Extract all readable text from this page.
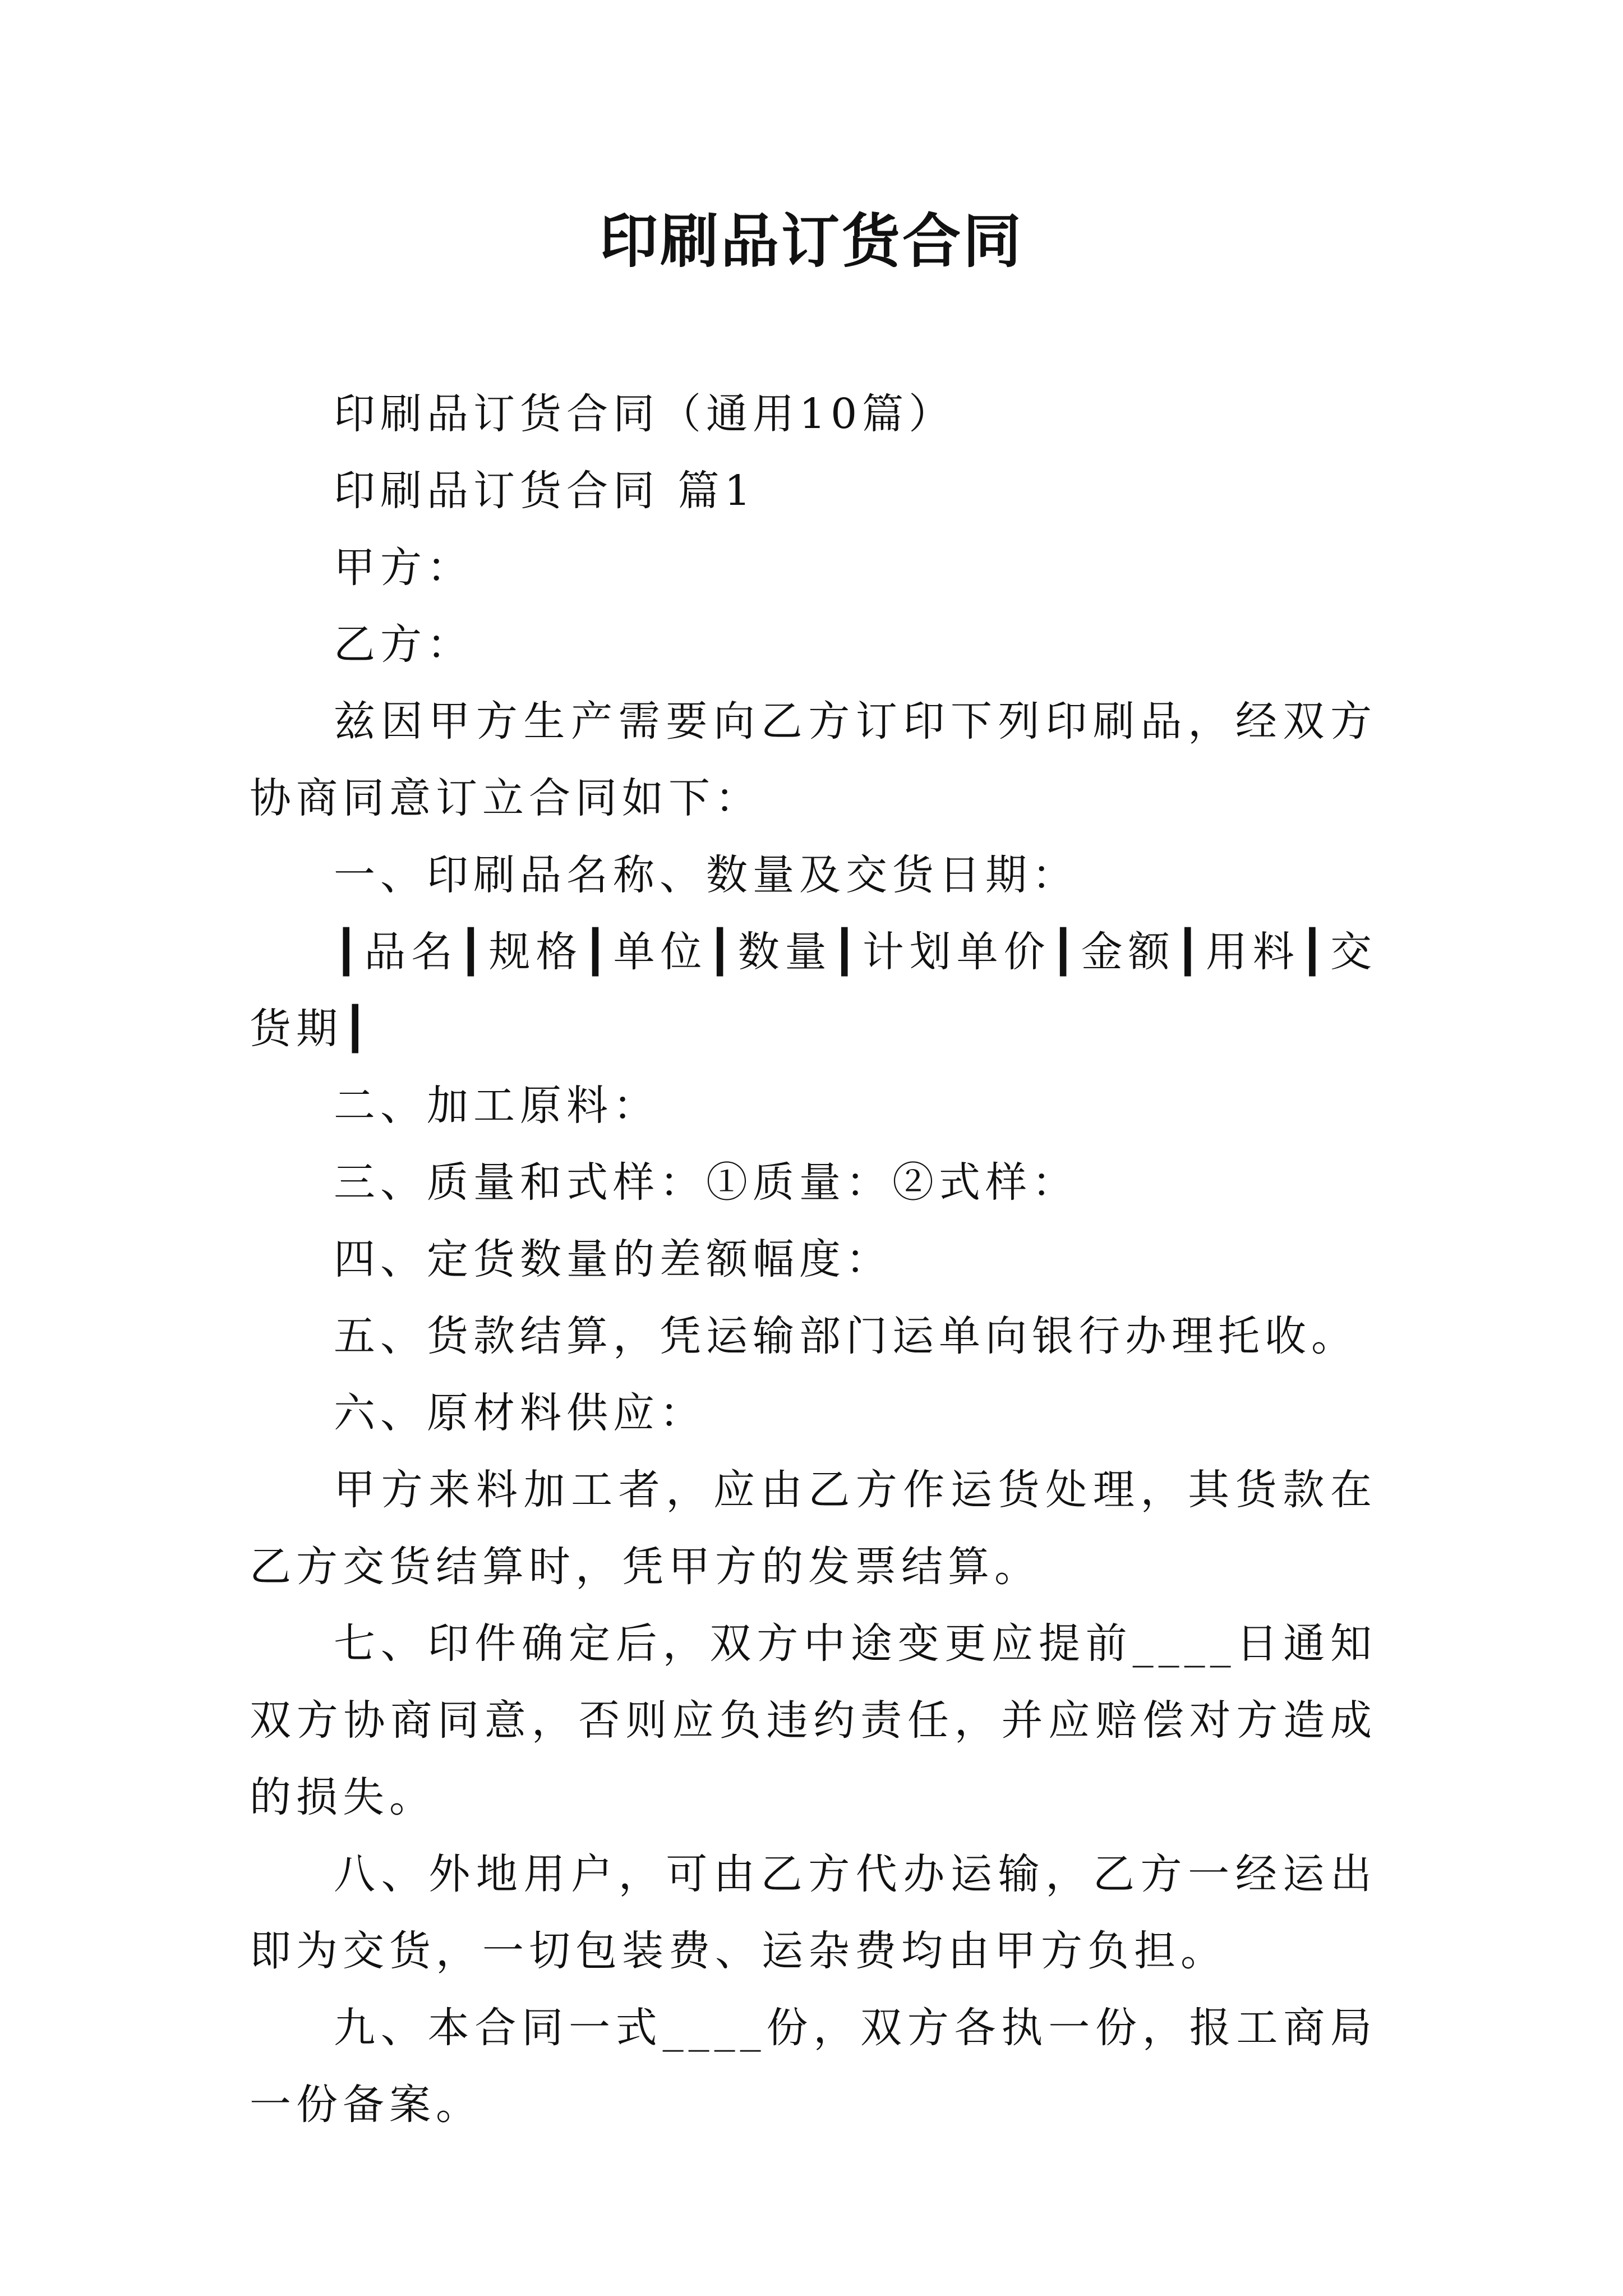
印刷品订货合同

印刷品订货合同（通用10篇）

印刷品订货合同 篇1

甲方：

乙方：

兹因甲方生产需要向乙方订印下列印刷品，经双方协商同意订立合同如下：

一、印刷品名称、数量及交货日期：

┃品名┃规格┃单位┃数量┃计划单价┃金额┃用料┃交货期┃

二、加工原料：

三、质量和式样：①质量：②式样：

四、定货数量的差额幅度：

五、货款结算，凭运输部门运单向银行办理托收。

六、原材料供应：

甲方来料加工者，应由乙方作运货处理，其货款在乙方交货结算时，凭甲方的发票结算。

七、印件确定后，双方中途变更应提前____日通知双方协商同意，否则应负违约责任，并应赔偿对方造成的损失。

八、外地用户，可由乙方代办运输，乙方一经运出即为交货，一切包装费、运杂费均由甲方负担。

九、本合同一式____份，双方各执一份，报工商局一份备案。
